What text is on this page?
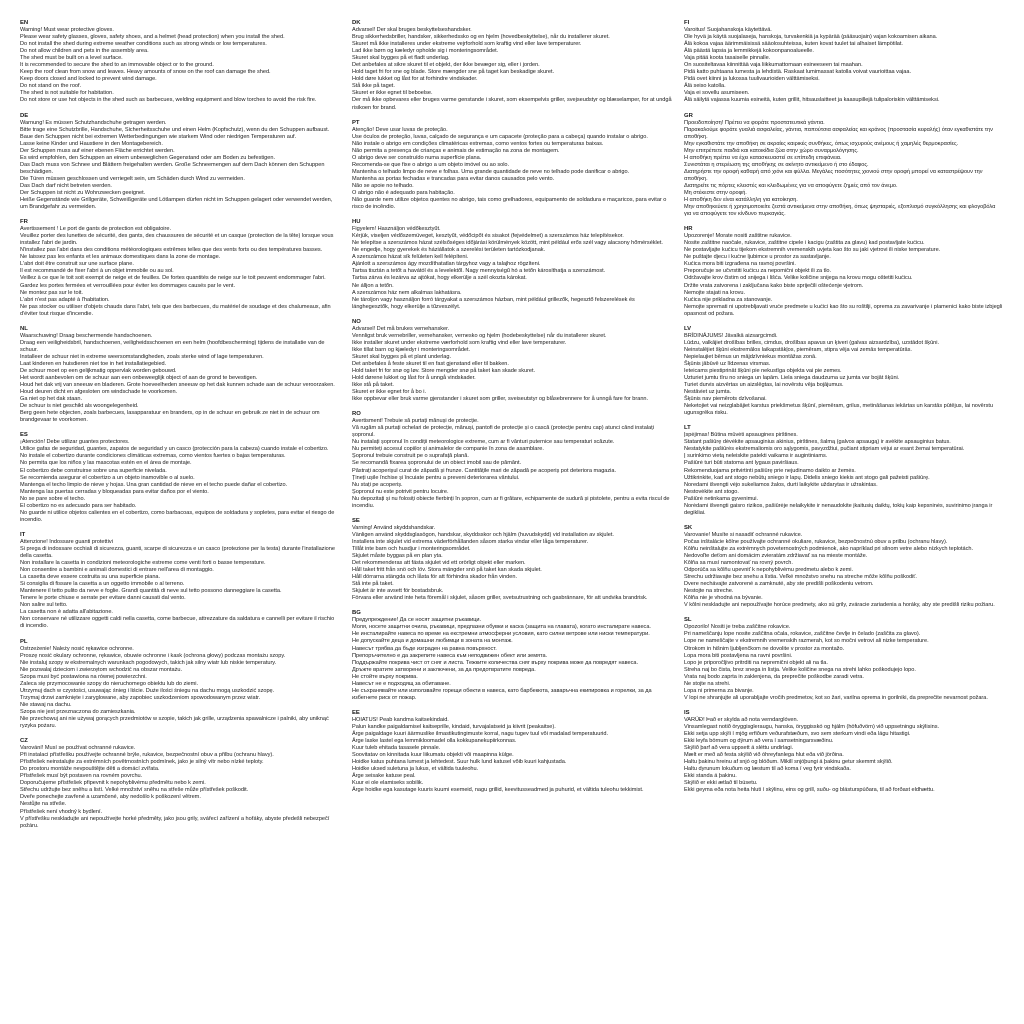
EN
Warning! Must wear protective gloves.
Please wear safety glasses, gloves, safety shoes, and a helmet (head protection) when you install the shed.
Do not install the shed during extreme weather conditions such as strong winds or low temperatures.
Do not allow children and pets in the assembly area.
The shed must be built on a level surface.
It is recommended to secure the shed to an immovable object or to the ground.
Keep the roof clean from snow and leaves. Heavy amounts of snow on the roof can damage the shed.
Keep doors closed and locked to prevent wind damage.
Do not stand on the roof.
The shed is not suitable for habitation.
Do not store or use hot objects in the shed such as barbecues, welding equipment and blow torches to avoid the risk fire.
DE
Warnung! Es müssen Schutzhandschuhe getragen werden.
Bitte trage eine Schutzbrille, Handschuhe, Sicherheitsschuhe und einen Helm (Kopfschutz), wenn du den Schuppen aufbaust.
Baue den Schuppen nicht bei extremen Wetterbedingungen wie starkem Wind oder niedrigen Temperaturen auf.
Lasse keine Kinder und Haustiere in den Montagebereich.
Der Schuppen muss auf einer ebenen Fläche errichtet werden.
Es wird empfohlen, den Schuppen an einem unbeweglichen Gegenstand oder am Boden zu befestigen.
Das Dach muss von Schnee und Blättern freigehalten werden. Große Schneemengen auf dem Dach können den Schuppen beschädigen.
Die Türen müssen geschlossen und verriegelt sein, um Schäden durch Wind zu vermeiden.
Das Dach darf nicht betreten werden.
Der Schuppen ist nicht zu Wohnzwecken geeignet.
Heiße Gegenstände wie Grillgeräte, Schweißgeräte und Lötlampen dürfen nicht im Schuppen gelagert oder verwendet werden, um Brandgefahr zu vermeiden.
FR
Avertissement ! Le port de gants de protection est obligatoire.
Veuillez porter des lunettes de sécurité, des gants, des chaussures de sécurité et un casque (protection de la tête) lorsque vous installez l'abri de jardin.
N'installez pas l'abri dans des conditions météorologiques extrêmes telles que des vents forts ou des températures basses.
Ne laissez pas les enfants et les animaux domestiques dans la zone de montage.
L'abri doit être construit sur une surface plane.
Il est recommandé de fixer l'abri à un objet immobile ou au sol.
Veillez à ce que le toit soit exempt de neige et de feuilles. De fortes quantités de neige sur le toit peuvent endommager l'abri.
Gardez les portes fermées et verrouillées pour éviter les dommages causés par le vent.
Ne montez pas sur le toit.
L'abri n'est pas adapté à l'habitation.
Ne pas stocker ou utiliser d'objets chauds dans l'abri, tels que des barbecues, du matériel de soudage et des chalumeaux, afin d'éviter tout risque d'incendie.
NL
Waarschuwing! Draag beschermende handschoenen.
Draag een veiligheidsbril, handschoenen, veiligheidsschoenen en een helm (hoofdbescherming) tijdens de installatie van de schuur.
Installeer de schuur niet in extreme weersomstandigheden, zoals sterke wind of lage temperaturen.
Laat kinderen en huisdieren niet toe in het installatiegebied.
De schuur moet op een gelijkmatig oppervlak worden gebouwd.
Het wordt aanbevolen om de schuur aan een onbeweeglijk object of aan de grond te bevestigen.
Houd het dak vrij van sneeuw en bladeren. Grote hoeveelheden sneeuw op het dak kunnen schade aan de schuur veroorzaken.
Houd deuren dicht en afgesloten om windschade te voorkomen.
Ga niet op het dak staan.
De schuur is niet geschikt als woongelegenheid.
Berg geen hete objecten, zoals barbecues, lasapparatuur en branders, op in de schuur en gebruik ze niet in de schuur om brandgevaar te voorkomen.
ES
¡Atención! Debe utilizar guantes protectores.
Utilice gafas de seguridad, guantes, zapatos de seguridad y un casco (protección para la cabeza) cuando instale el cobertizo.
No instale el cobertizo durante condiciones climáticas extremas, como vientos fuertes o bajas temperaturas.
No permita que los niños y las mascotas estén en el área de montaje.
El cobertizo debe construirse sobre una superficie nivelada.
Se recomienda asegurar el cobertizo a un objeto inamovible o al suelo.
Mantenga el techo limpio de nieve y hojas. Una gran cantidad de nieve en el techo puede dañar el cobertizo.
Mantenga las puertas cerradas y bloqueadas para evitar daños por el viento.
No se pare sobre el techo.
El cobertizo no es adecuado para ser habitado.
No guarde ni utilice objetos calientes en el cobertizo, como barbacoas, equipos de soldadura y sopletes, para evitar el riesgo de incendio.
IT
Attenzione! Indossare guanti protettivi
Si prega di indossare occhiali di sicurezza, guanti, scarpe di sicurezza e un casco (protezione per la testa) durante l'installazione della casetta.
Non installare la casetta in condizioni meteorologiche estreme come venti forti o basse temperature.
Non consentire a bambini e animali domestici di entrare nell'area di montaggio.
La casetta deve essere costruita su una superficie piana.
Si consiglia di fissare la casetta a un oggetto immobile o al terreno.
Mantenere il tetto pulito da neve e foglie. Grandi quantità di neve sul tetto possono danneggiare la casetta.
Tenere le porte chiuse e serrate per evitare danni causati dal vento.
Non salire sul tetto.
La casetta non è adatta all'abitazione.
Non conservare né utilizzare oggetti caldi nella casetta, come barbecue, attrezzature da saldatura e cannelli per evitare il rischio di incendio.
PL
Ostrzeżenie! Należy nosić rękawice ochronne.
Proszę nosić okulary ochronne, rękawice, obuwie ochronne i kask (ochrona głowy) podczas montażu szopy.
Nie instaluj szopy w ekstremalnych warunkach pogodowych, takich jak silny wiatr lub niskie temperatury.
Nie pozwalaj dzieciom i zwierzętom wchodzić na obszar montażu.
Szopa musi być postawiona na równej powierzchni.
Zaleca się przymocowanie szopy do nieruchomego obiektu lub do ziemi.
Utrzymuj dach w czystości, usuwając śnieg i liście. Duże ilości śniegu na dachu mogą uszkodzić szopę.
Trzymaj drzwi zamknięte i zaryglowane, aby zapobiec uszkodzeniom spowodowanym przez wiatr.
Nie stawaj na dachu.
Szopa nie jest przeznaczona do zamieszkania.
Nie przechowuj ani nie używaj gorących przedmiotów w szopie, takich jak grille, urządzenia spawalnicze i palniki, aby uniknąć ryzyka pożaru.
CZ
Varování! Musí se používat ochranné rukavice.
Při instalaci přístřešku používejte ochranné brýle, rukavice, bezpečnostní obuv a přilbu (ochranu hlavy).
Přístřešek neinstalujte za extrémních povětrnostních podmínek, jako je silný vítr nebo nízké teploty.
Do prostoru montáže nevpouštějte děti a domácí zvířata.
Přístřešek musí být postaven na rovném povrchu.
Doporučujeme přístřešek připevnit k nepohyblivému předmětu nebo k zemi.
Střechu udržujte bez sněhu a listí. Velké množství sněhu na střeše může přístřešek poškodit.
Dveře ponechejte zavřené a uzamčené, aby nedošlo k poškození větrem.
Nestůjte na střeše.
Přístřešek není vhodný k bydlení.
V přístřešku neskladujte ani nepoužívejte horké předměty, jako jsou grily, svářecí zařízení a hořáky, abyste předešli nebezpečí požáru.
DK
Advarsel! Der skal bruges beskyttelseshandsker.
Brug sikkerhedsbriller, handsker, sikkerhedssko og en hjelm (hovedbeskyttelse), når du installerer skuret.
Skuret må ikke installeres under ekstreme vejrforhold som kraftig vind eller lave temperaturer.
Lad ikke børn og kæledyr opholde sig i monteringsområdet.
Skuret skal bygges på et fladt underlag.
Det anbefales at sikre skuret til et objekt, der ikke bevæger sig, eller i jorden.
Hold taget fri for sne og blade. Store mængder sne på taget kan beskadige skuret.
Hold døre lukket og låst for at forhindre vindskader.
Stå ikke på taget.
Skuret er ikke egnet til beboelse.
Der må ikke opbevares eller bruges varme genstande i skuret, som eksempelvis griller, svejseudstyr og blæselamper, for at undgå risikoen for brand.
PT
Atenção! Deve usar luvas de proteção.
Use óculos de proteção, luvas, calçado de segurança e um capacete (proteção para a cabeça) quando instalar o abrigo.
Não instale o abrigo em condições climatéricas extremas, como ventos fortes ou temperaturas baixas.
Não permita a presença de crianças e animais de estimação na zona de montagem.
O abrigo deve ser construído numa superfície plana.
Recomenda-se que fixe o abrigo a um objeto imóvel ou ao solo.
Mantenha o telhado limpo de neve e folhas. Uma grande quantidade de neve no telhado pode danificar o abrigo.
Mantenha as portas fechadas e trancadas para evitar danos causados pelo vento.
Não se apoie no telhado.
O abrigo não é adequado para habitação.
Não guarde nem utilize objetos quentes no abrigo, tais como grelhadores, equipamento de soldadura e maçaricos, para evitar o risco de incêndio.
HU
Figyelem! Használjon védőkesztyűt.
Kérjük, viseljen védőszemüveget, kesztyűt, védőcipőt és sisakot (fejvédelmet) a szerszámos ház telepítésekor.
Ne telepítse a szerszámos házat szélsőséges időjárási körülmények között, mint például erős szél vagy alacsony hőmérséklet.
Ne engedje, hogy gyerekek és háziállatok a szerelési területen tartózkodjanak.
A szerszámos házat sík felületen kell felépíteni.
Ajánlott a szerszámos ágy mozdíthatatlan tárgyhoz vagy a talajhoz rögzíteni.
Tartsa tisztán a tetőt a havától és a levelektől. Nagy mennyiségű hó a tetőn károsíthatja a szerszámost.
Tartsa zárva és lezárva az ajtókat, hogy elkerülje a szél okozta károkat.
Ne álljon a tetőn.
A szerszámos ház nem alkalmas lakhatásra.
Ne tároljon vagy használjon forró tárgyakat a szerszámos házban, mint például grillezők, hegesztő felszerelések és lánghegesztők, hogy elkerülje a tűzveszélyt.
NO
Advarsel! Det må brukes vernehansker.
Vennligst bruk vernebriller, vernehansker, vernesko og hjelm (hodebeskyttelse) når du installerer skuret.
Ikke installer skuret under ekstreme værforhold som kraftig vind eller lave temperaturer.
Ikke tillat barn og kjæledyr i monteringsområdet.
Skuret skal bygges på et plant underlag.
Det anbefales å feste skuret til en fast gjenstand eller til bakken.
Hold taket fri for snø og løv. Store mengder snø på taket kan skade skuret.
Hold dørene lukket og låst for å unngå vindskader.
Ikke stå på taket.
Skuret er ikke egnet for å bo i.
Ikke oppbevar eller bruk varme gjenstander i skuret som griller, sveiseutstyr og blåsebrennere for å unngå fare for brann.
RO
Avertisment! Trebuie să purtați mănuși de protecție.
Vă rugăm să purtați ochelari de protecție, mănuși, pantofi de protecție și o cască (protecție pentru cap) atunci când instalați șopronul.
Nu instalați șopronul în condiții meteorologice extreme, cum ar fi vânturi puternice sau temperaturi scăzute.
Nu permiteți accesul copiilor și animalelor de companie în zona de asamblare.
Șopronul trebuie construit pe o suprafață plană.
Se recomandă fixarea șopronului de un obiect imobil sau de pământ.
Păstrați acoperișul curat de zăpadă și frunze. Cantitățile mari de zăpadă pe acoperiș pot deteriora magazia.
Țineți ușile închise și încuiate pentru a preveni deteriorarea vântului.
Nu stați pe acoperiș.
Șopronul nu este potrivit pentru locuire.
Nu depozitați și nu folosiți obiecte fierbinți în șopron, cum ar fi grătare, echipamente de sudură și pistolete, pentru a evita riscul de incendiu.
SE
Varning! Använd skyddshandskar.
Vänligen använd skyddsglasögon, handskar, skyddsskor och hjälm (huvudskydd) vid installation av skjulet.
Installera inte skjulet vid extrema väderförhållanden såsom starka vindar eller låga temperaturer.
Tillåt inte barn och husdjur i monteringsområdet.
Skjulet måste byggas på en plan yta.
Det rekommenderas att fästa skjulet vid ett orörligt objekt eller marken.
Håll taket fritt från snö och löv. Stora mängder snö på taket kan skada skjulet.
Håll dörrarna stängda och låsta för att förhindra skador från vinden.
Stå inte på taket.
Skjulet är inte avsett för bostadsbruk.
Förvara eller använd inte heta föremål i skjulet, såsom griller, svetsutrustning och gasbrännare, för att undvika brandrisk.
BG
Предупреждение! Да се носят защитни ръкавици.
Моля, носете защитни очила, ръкавици, предпазни обувки и каска (защита на главата), когато инсталирате навеса.
Не инсталирайте навеса по време на екстремни атмосферни условия, като силни ветрове или ниски температури.
Не допускайте деца и домашни любимци в зоната на монтаж.
Навесът трябва да бъде изграден на равна повърхност.
Препоръчително е да закрепите навеса към неподвижен обект или земята.
Поддържайте покрива чист от сняг и листа. Тежките количества сняг върху покрива може да повредят навеса.
Дръжте вратите затворени и заключени, за да предотвратите повреда.
Не стойте върху покрива.
Навесът не е подходящ за обитаване.
Не съхранявайте или използвайте горещи обекти в навеса, като барбекюта, заваръчна екипировка и горелки, за да избегнете риск от пожар.
EE
HOIATUS! Peab kandma kaitsekindaid.
Palun kandke paigaldamisel kaitseprille, kindaid, turvajalatseid ja kiivrit (peakaitse).
Ärge paigaldage kuuri äärmuslike ilmastikutingimuste korral, nagu tugev tuul või madalad temperatuurid.
Ärge laske lastel ega lemmikloomadel olla kokkupanekupiirkonnas.
Kuur tuleb ehitada tasasele pinnale.
Soovitatav on kinnitada kuur liikumatu objekti või maapinna külge.
Hoidke katus puhtana lumest ja lehtedest. Suur hulk lund katusel võib kuuri kahjustada.
Hoidke uksed suletuna ja lukus, et vältida tuuleohu.
Ärge seisake katuse peal.
Kuur ei ole elamiseks sobilik.
Ärge hoidke ega kasutage kuuris kuumi esemeid, nagu grillid, keevitusseadmed ja puhurid, et vältida tuleohu tekkimist.
FI
Varoitus! Suojahanskoja käytettävä.
Ole hyvä ja käytä suojalaseja, hanskoja, turvakenkiä ja kypärää (pääsuojain) vajan kokoamisen aikana.
Älä kokoa vajaa äärimmäisissä sääolosuhteissa, kuten kovat tuulet tai alhaiset lämpötilat.
Älä päästä lapsia ja lemmikkejä kokoonpanoalueelle.
Vaja pitää koota tasaiselle pinnalle.
On suositeltavaa kiinnittää vaja liikkumattomaan esineeseen tai maahan.
Pidä katto puhtaana lumesta ja lehdistä. Raskaat lumimassat katolla voivat vaurioittaa vajaa.
Pidä ovet kiinni ja lukossa tuulivaurioiden välttämiseksi.
Älä seiso katolla.
Vaja ei sovellu asumiseen.
Älä säilytä vajassa kuumia esineitä, kuten grillit, hitsauslaitteet ja kaasupillejä tulipaloriskin välttämiseksi.
GR
Προειδοποίηση! Πρέπει να φοράτε προστατευτικά γάντια.
Παρακαλούμε φοράτε γυαλιά ασφαλείας, γάντια, παπούτσια ασφαλείας και κράνος (προστασία κεφαλής) όταν εγκαθιστάτε την αποθήκη.
Μην εγκαθιστάτε την αποθήκη σε ακραίες καιρικές συνθήκες, όπως ισχυρούς ανέμους ή χαμηλές θερμοκρασίες.
Μην επιτρέπετε παιδιά και κατοικίδια ζώα στην χώρο συναρμολόγησης.
Η αποθήκη πρέπει να έχει κατασκευαστεί σε επίπεδη επιφάνεια.
Συνιστάται η στερέωση της αποθήκης σε ακίνητο αντικείμενο ή στο έδαφος.
Διατηρήστε την οροφή καθαρή από χιόνι και φύλλα. Μεγάλες ποσότητες χιονιού στην οροφή μπορεί να καταστρέψουν την αποθήκη.
Διατηρείτε τις πόρτες κλειστές και κλειδωμένες για να αποφύγετε ζημιές από τον άνεμο.
Μη στέκεστε στην οροφή.
Η αποθήκη δεν είναι κατάλληλη για κατοίκηση.
Μην αποθηκεύετε ή χρησιμοποιείτε ζεστά αντικείμενα στην αποθήκη, όπως ψησταριές, εξοπλισμό συγκόλλησης και φλογοβόλα για να αποφύγετε τον κίνδυνο πυρκαγιάς.
HR
Upozorenje! Morate nositi zaštitne rukavice.
Nosite zaštitne naočale, rukavice, zaštitne cipele i kacigu (zaštita za glavu) kad postavljate kućicu.
Ne postavljajte kućicu tijekom ekstremnih vremenskih uvjeta kao što su jaki vjetrovi ili niske temperature.
Ne puštajte djecu i kućne ljubimce u prostor za sastavljanje.
Kućica mora biti izgrađena na ravnoj površini.
Preporučuje se učvrstiti kućicu za nepomični objekt ili za tlo.
Održavajte krov čistim od snijega i lišća. Velike količine snijega na krovu mogu oštetiti kućicu.
Držite vrata zatvorena i zaključana kako biste spriječili oštećenje vjetrom.
Nemojte stajati na krovu.
Kućica nije prikladna za stanovanje.
Nemojte spremati ni upotrebljavati vruće predmete u kućici kao što su roštilji, oprema za zavarivanje i plamenici kako biste izbjegli opasnost od požara.
LV
BRĪDINĀJUMS! Jāvalkā aizsargcimdi.
Lūdzu, valkājiet drošības brilles, cimdus, drošības apavus un ķiveri (galvas aizsardzība), uzstādot šķūni.
Neinstalējiet šķūni ekstremālos laikapstākļos, piemēram, stipra vēja vai zemās temperatūrās.
Nepielaujiet bērnus un mājdzīvniekus montāžas zonā.
Šķūnis jābūvē uz līdzenas virsmas.
Ieteicams piestiprināt šķūni pie nekustīga objekta vai pie zemes.
Uzturiet jumtu tīru no sniega un lapām. Liela sniega daudzuma uz jumta var bojāt šķūni.
Turiet durvis aizvērtas un aizslēgtas, lai novērstu vēja bojājumus.
Nestāviet uz jumta.
Šķūnis nav piemērots dzīvošanai.
Neketojiet vai neizglabājiet karstus priekšmetus šķūnī, piemēram, grilus, metināšanas iekārtas un karstās pūtējus, lai novērstu ugunsgrēka risku.
LT
Įspėjimas! Būtina mūvėti apsaugines pirštines.
Statant pašiūrę dėvėkite apsauginius akinius, pirštines, šalmą (galvos apsaugą) ir avėkite apsauginius batus.
Nestatykite pašiūrės ekstremaliomis oro sąlygomis, pavyzdžiui, pučiant stipriam vėjui ar esant žemai temperatūrai.
Į surinkimo vietą neleiskite patekti vaikams ir augintiniams.
Pašiūrė turi būti statoma ant lygaus paviršiaus.
Rekomenduojama pritvirtinti pašiūrę prie nejudinamo daikto ar žemės.
Užtikrinkite, kad ant stogo nebūtų sniego ir lapų. Didelis sniego kiekis ant stogo gali pažeisti pašiūrę.
Noredami išvengti vėjo sukeliamos žalos, durti laikykite uždarytas ir užrakintas.
Nestovėkite ant stogo.
Pašiūrė netinkama gyvenimui.
Norėdami išvengti gaisro rizikos, pašiūrėje nelaikykite ir nenaudokite įkaitusių daiktų, tokių kaip kepsninės, suvirinimo įranga ir degikliai.
SK
Varovanie! Musíte si nasadiť ochranné rukavice.
Počas inštalácie kôlne používajte ochranné okuliare, rukavice, bezpečnostnú obuv a prilbu (ochranu hlavy).
Kôlňu neinštalujte za extrémnych poveternostných podmienok, ako napríklad pri silnom vetre alebo nízkych teplotách.
Nedovoľte deťom ani domácim zvieratám zdržiavať sa na mieste montáže.
Kôlňa sa musí namontovať na rovný povrch.
Odporúča sa kôlňu upevniť k nepohyblivému predmetu alebo k zemi.
Strechu udržiavajte bez snehu a lístia. Veľké množstvo snehu na streche môže kôlňu poškodiť.
Dvere nechávajte zatvorené a zamknuté, aby ste predišli poškodeniu vetrom.
Nestojte na streche.
Kôlňa nie je vhodná na bývanie.
V kôlni neskladujte ani nepoužívajte horúce predmety, ako sú grily, zváracie zariadenia a horáky, aby ste predišli riziku požiaru.
SL
Opozorilo! Nositi je treba zaščitne rokavice.
Pri nameščanju lope nosite zaščitna očala, rokavice, zaščitne čevlje in čelado (zaščita za glavo).
Lope ne nameščajte v ekstremnih vremenskih razmerah, kot so močni vetrovi ali nizke temperature.
Otrokom in hišnim ljubljenčkom ne dovolite v prostor za montažo.
Lopa mora biti postavljena na ravni površini.
Lopo je priporočljivo pritrditi na nepremični objekt ali na tla.
Streha naj bo čista, brez snega in listja. Velike količine snega na strehi lahko poškodujejo lopo.
Vrata naj bodo zaprta in zaklenjena, da preprečite poškodbe zaradi vetra.
Ne stojte na strehi.
Lopa ni primerna za bivanje.
V lopi ne shranjujte ali uporabljajte vročih predmetov, kot so žari, varilna oprema in gorilniki, da preprečite nevarnost požara.
IS
VARÚÐ! Það er skylda að nota verndarglóven.
Vinsamlegast notið öryggisgleraugu, hanska, öryggisskó og hjálm (höfuðvörn) við uppsetningu skýlisins.
Ekki setja upp skýli í mjög erfiðum veðurafstæðum, svo sem sterkum vindi eða lágu hitastigi.
Ekki leyfa börnum og dýrum að vera í samsetningarsvæðinu.
Skýlið þarf að vera uppsett á sléttu undirlagi.
Mælt er með að festa skýlið við óhreyfanlega hlut eða við jörðina.
Haltu þakinu hreinu af snjó og blöðum. Mikill snjóþungi á þakinu getur skemmt skýlið.
Haltu dyrunum lokuðum og læstum til að koma í veg fyrir vindskaða.
Ekki standa á þakinu.
Skýlið er ekki ætlað til búsetu.
Ekki geyma eða nota heita hluti í skýlinu, eins og grill, suðu- og blásturspúðara, til að forðast eldhættu.
